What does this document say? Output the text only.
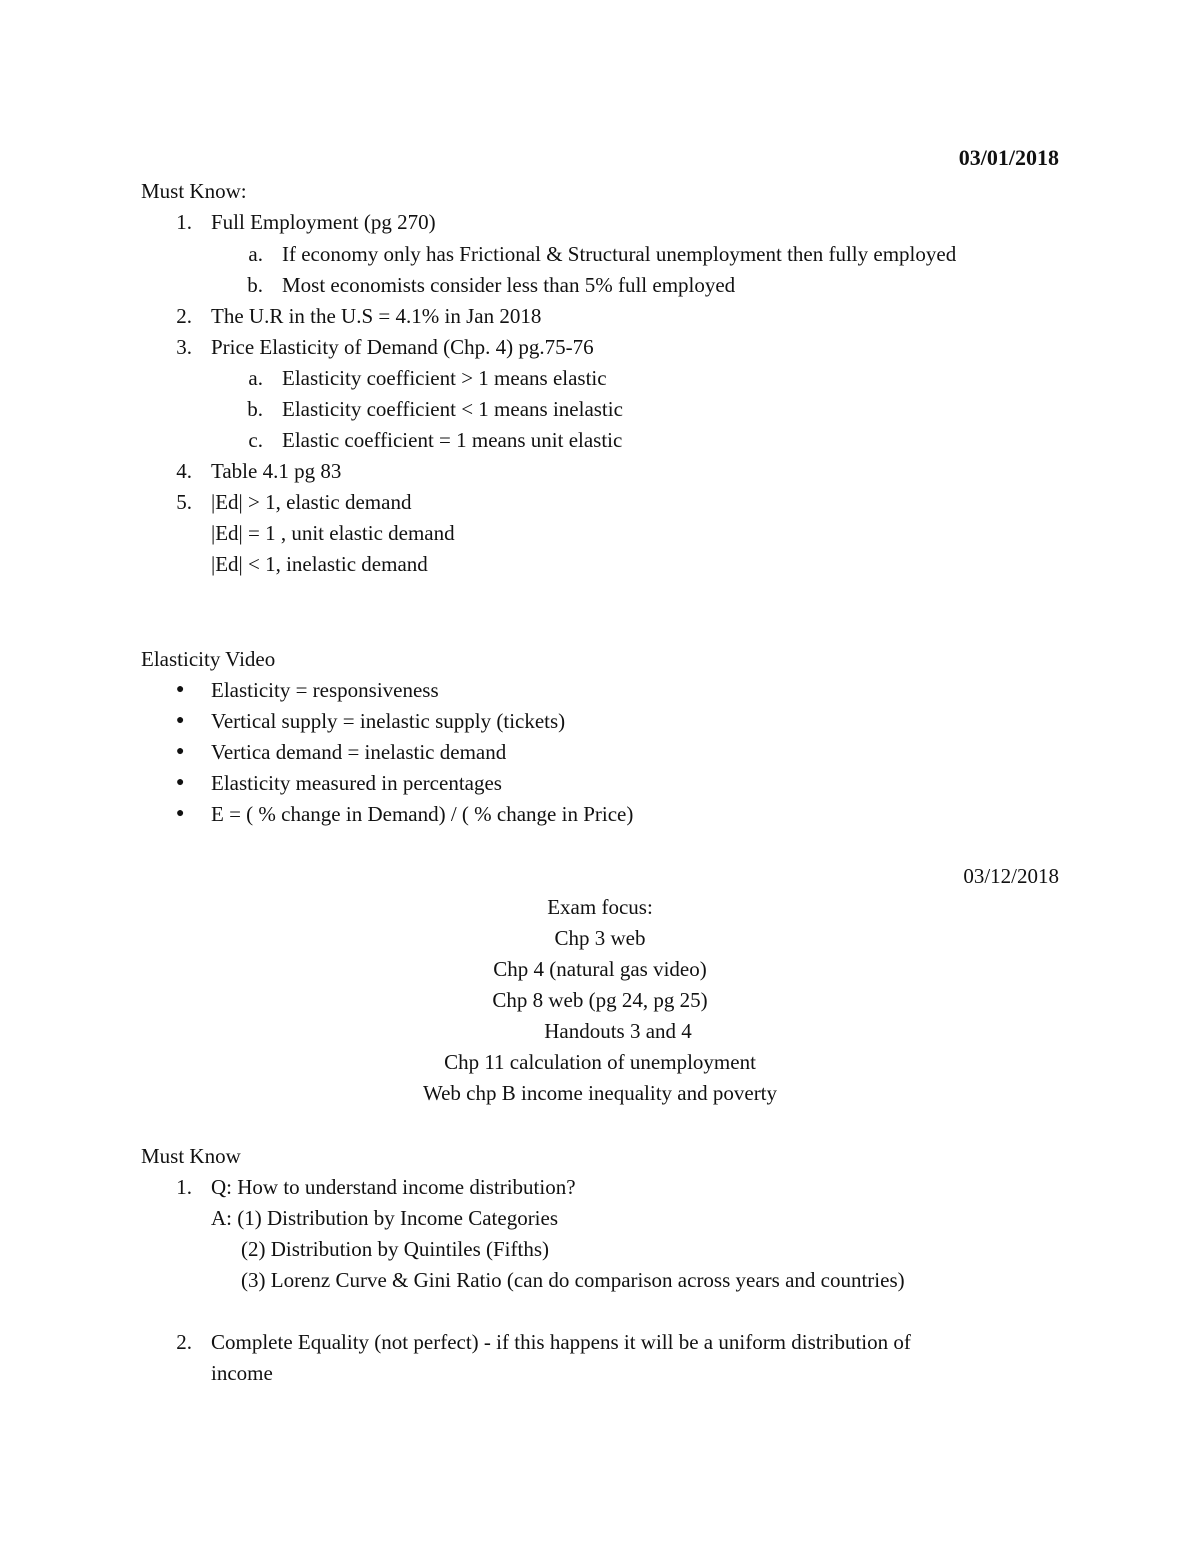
03/01/2018
Must Know:
1. Full Employment (pg 270)
a. If economy only has Frictional & Structural unemployment then fully employed
b. Most economists consider less than 5% full employed
2. The U.R in the U.S = 4.1% in Jan 2018
3. Price Elasticity of Demand (Chp. 4) pg.75-76
a. Elasticity coefficient > 1 means elastic
b. Elasticity coefficient < 1 means inelastic
c. Elastic coefficient = 1 means unit elastic
4. Table 4.1 pg 83
5. |Ed| > 1, elastic demand
|Ed| = 1 , unit elastic demand
|Ed| < 1, inelastic demand
Elasticity Video
● Elasticity = responsiveness
● Vertical supply = inelastic supply (tickets)
● Vertica demand = inelastic demand
● Elasticity measured in percentages
● E = ( % change in Demand) / ( % change in Price)
03/12/2018
Exam focus:
Chp 3 web
Chp 4 (natural gas video)
Chp 8 web (pg 24, pg 25)
Handouts 3 and 4
Chp 11 calculation of unemployment
Web chp B income inequality and poverty
Must Know
1. Q: How to understand income distribution?
A: (1) Distribution by Income Categories
(2) Distribution by Quintiles (Fifths)
(3) Lorenz Curve & Gini Ratio (can do comparison across years and countries)
2. Complete Equality (not perfect) - if this happens it will be a uniform distribution of
income
